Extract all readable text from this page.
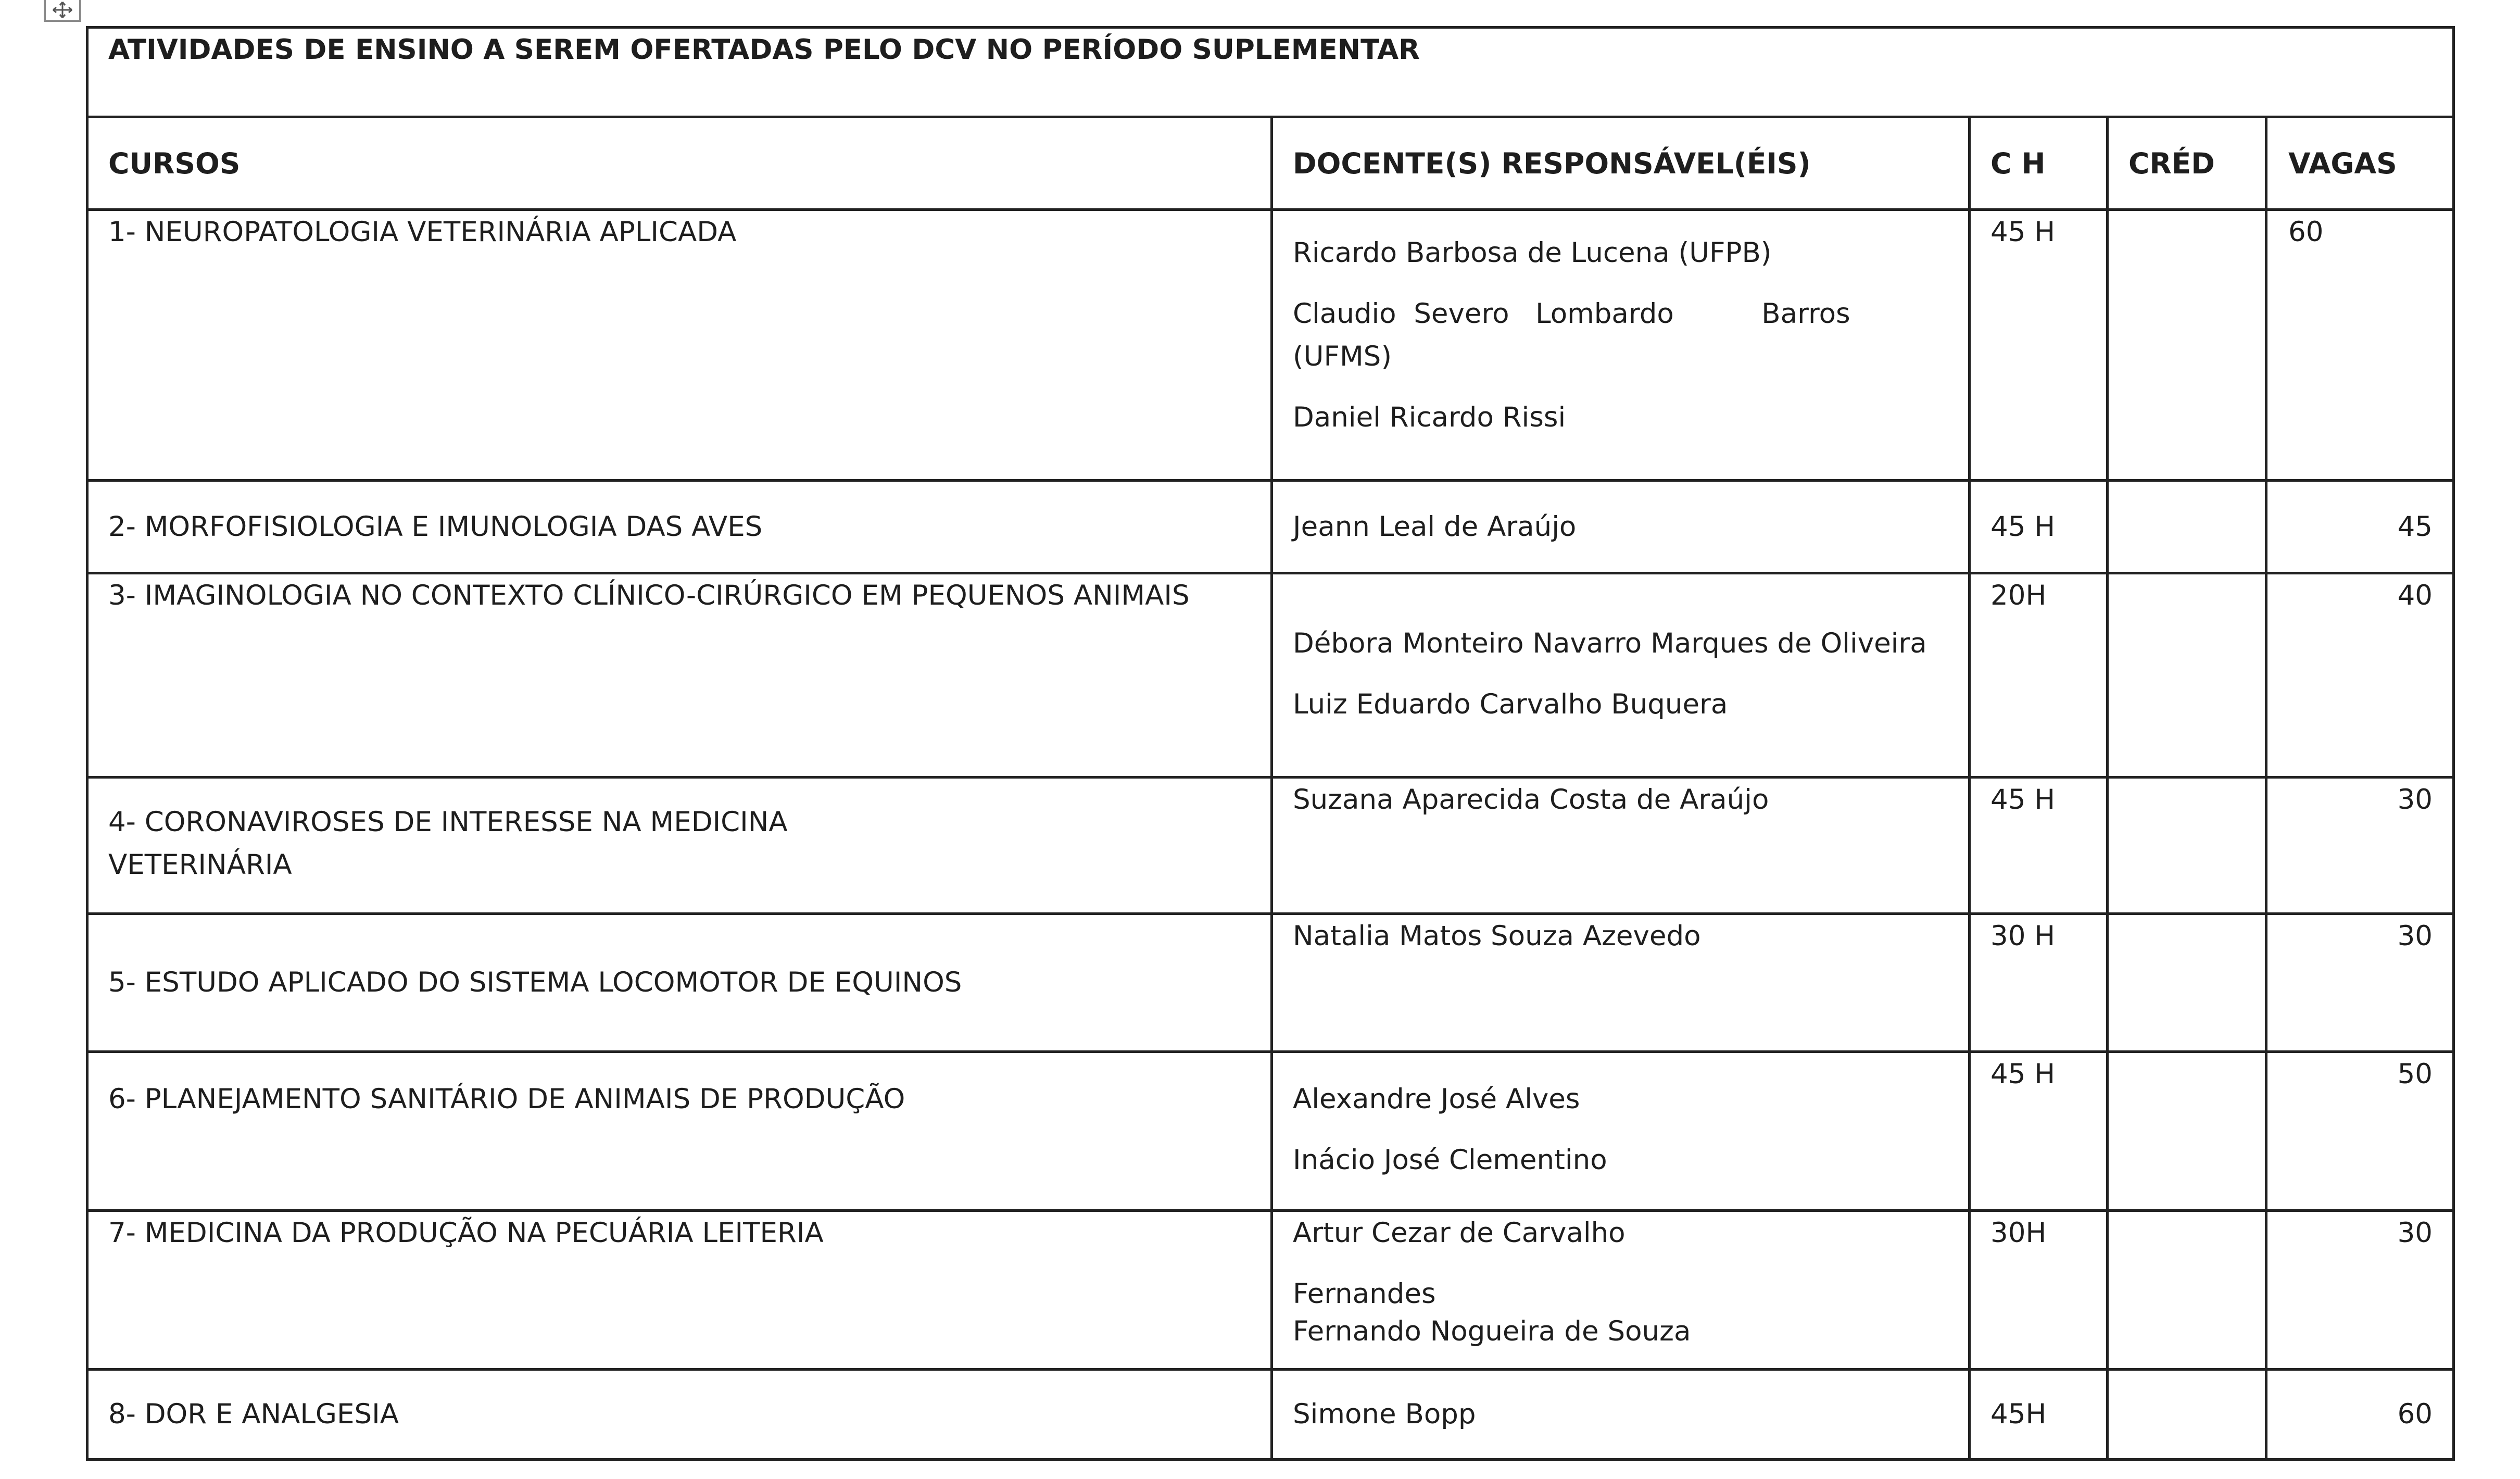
ATIVIDADES DE ENSINO A SEREM OFERTADAS PELO DCV NO PERÍODO SUPLEMENTAR				
CURSOS	DOCENTE(S) RESPONSÁVEL(ÉIS)	C H	CRÉD	VAGAS
1- NEUROPATOLOGIA VETERINÁRIA APLICADA	Ricardo Barbosa de Lucena (UFPB)
Claudio  Severo   Lombardo          Barros
(UFMS)
Daniel Ricardo Rissi	45 H		60
2- MORFOFISIOLOGIA E IMUNOLOGIA DAS AVES	Jeann Leal de Araújo	45 H		45
3- IMAGINOLOGIA NO CONTEXTO CLÍNICO-CIRÚRGICO EM PEQUENOS ANIMAIS	Débora Monteiro Navarro Marques de Oliveira
Luiz Eduardo Carvalho Buquera	20H		40

4- CORONAVIROSES DE INTERESSE NA MEDICINA
VETERINÁRIA	Suzana Aparecida Costa de Araújo	45 H		30
5- ESTUDO APLICADO DO SISTEMA LOCOMOTOR DE EQUINOS	Natalia Matos Souza Azevedo	30 H		30

6- PLANEJAMENTO SANITÁRIO DE ANIMAIS DE PRODUÇÃO	Alexandre José Alves
Inácio José Clementino	45 H		50
7- MEDICINA DA PRODUÇÃO NA PECUÁRIA LEITERIA	Artur Cezar de Carvalho
Fernandes
Fernando Nogueira de Souza	30H		30
8- DOR E ANALGESIA	Simone Bopp	45H		60
